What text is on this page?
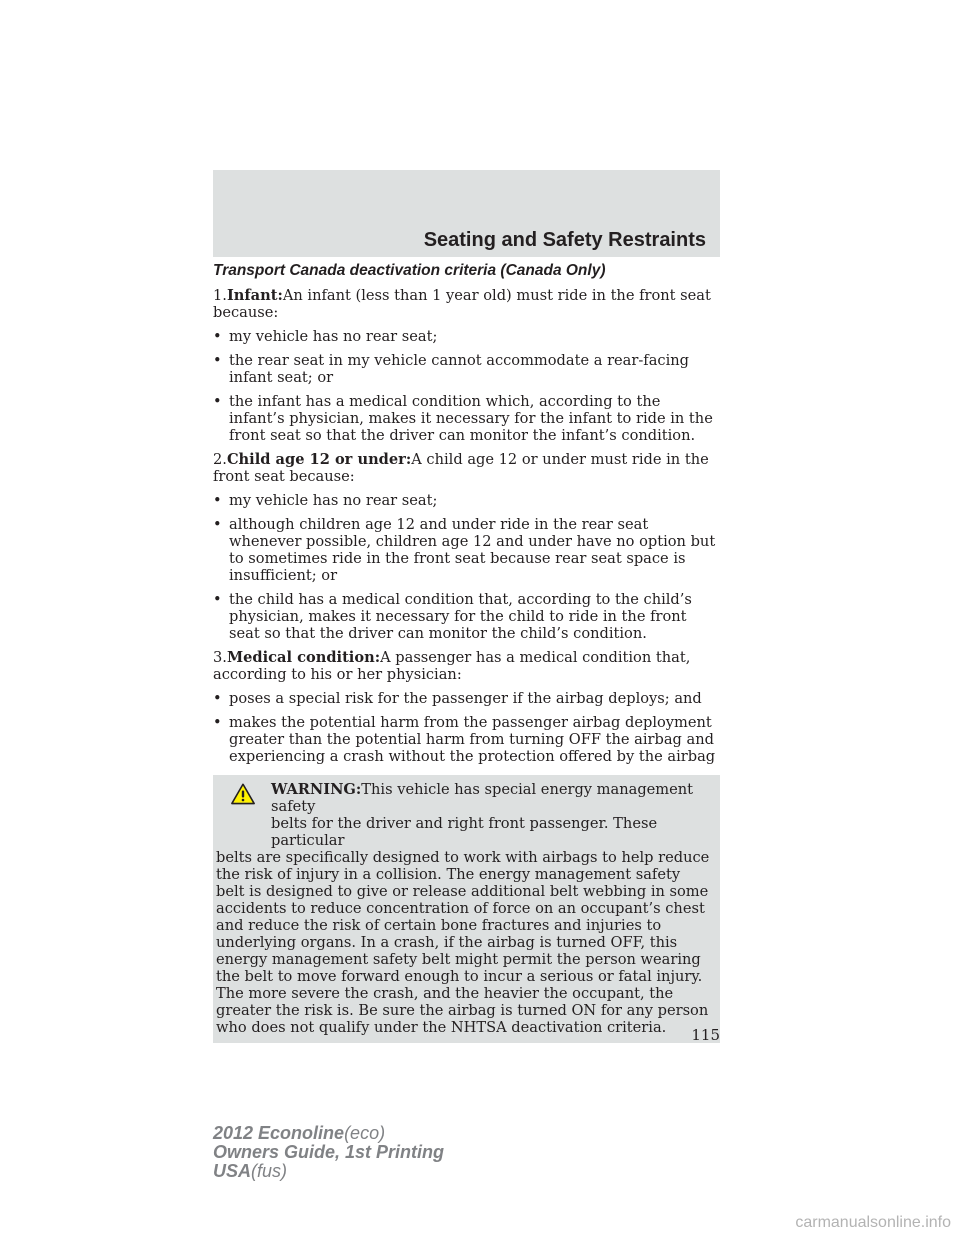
Seating and Safety Restraints
Transport Canada deactivation criteria (Canada Only)
1.Infant:An infant (less than 1 year old) must ride in the front seat
because:
• my vehicle has no rear seat;
• the rear seat in my vehicle cannot accommodate a rear-facing infant seat; or
• the infant has a medical condition which, according to the infant’s physician, makes it necessary for the infant to ride in the front seat so that the driver can monitor the infant’s condition.
2.Child age 12 or under:A child age 12 or under must ride in the
front seat because:
• my vehicle has no rear seat;
• although children age 12 and under ride in the rear seat whenever possible, children age 12 and under have no option but to sometimes ride in the front seat because rear seat space is insufficient; or
• the child has a medical condition that, according to the child’s physician, makes it necessary for the child to ride in the front seat so that the driver can monitor the child’s condition.
3.Medical condition:A passenger has a medical condition that,
according to his or her physician:
• poses a special risk for the passenger if the airbag deploys; and
• makes the potential harm from the passenger airbag deployment greater than the potential harm from turning OFF the airbag and experiencing a crash without the protection offered by the airbag
WARNING:This vehicle has special energy management safety
belts for the driver and right front passenger. These particular
belts are specifically designed to work with airbags to help reduce the risk of injury in a collision. The energy management safety belt is designed to give or release additional belt webbing in some accidents to reduce concentration of force on an occupant’s chest and reduce the risk of certain bone fractures and injuries to underlying organs. In a crash, if the airbag is turned OFF, this energy management safety belt might permit the person wearing the belt to move forward enough to incur a serious or fatal injury. The more severe the crash, and the heavier the occupant, the greater the risk is. Be sure the airbag is turned ON for any person who does not qualify under the NHTSA deactivation criteria.	115
2012 Econoline(eco)
Owners Guide, 1st Printing
USA(fus)
carmanualsonline.info
